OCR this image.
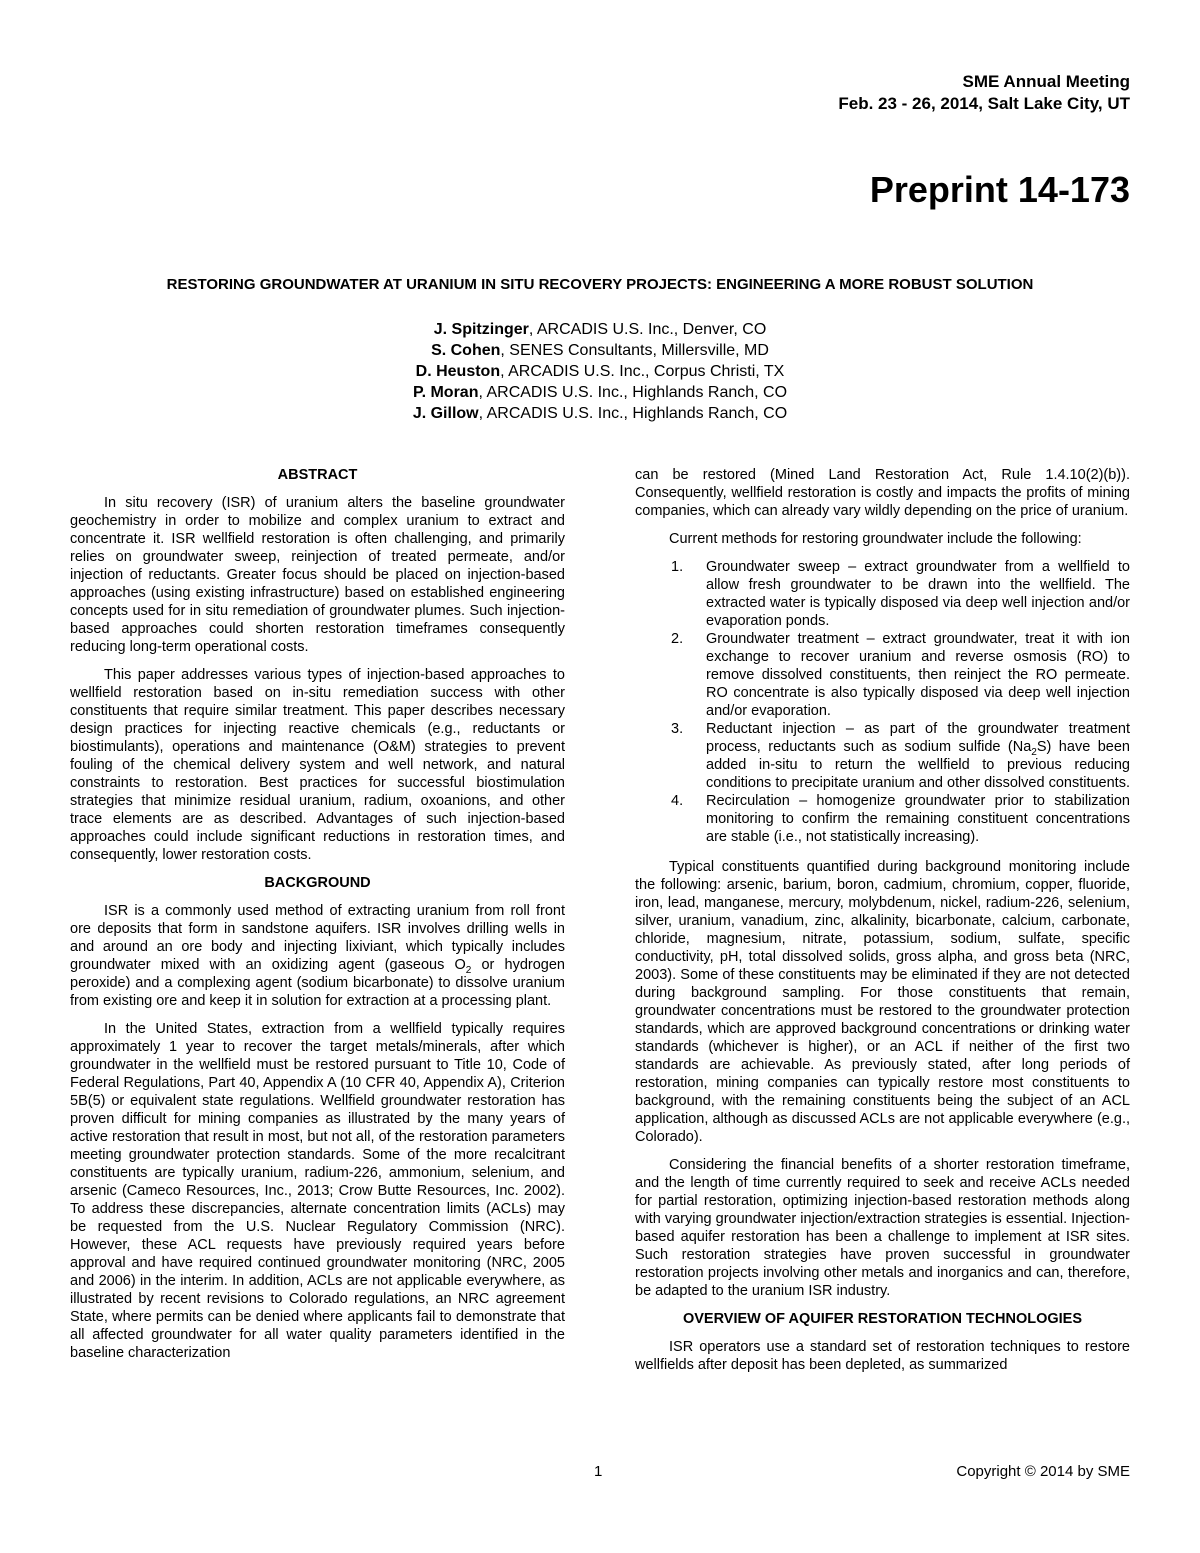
SME Annual Meeting
Feb. 23 - 26, 2014, Salt Lake City, UT
Preprint 14-173
RESTORING GROUNDWATER AT URANIUM IN SITU RECOVERY PROJECTS: ENGINEERING A MORE ROBUST SOLUTION
J. Spitzinger, ARCADIS U.S. Inc., Denver, CO
S. Cohen, SENES Consultants, Millersville, MD
D. Heuston, ARCADIS U.S. Inc., Corpus Christi, TX
P. Moran, ARCADIS U.S. Inc., Highlands Ranch, CO
J. Gillow, ARCADIS U.S. Inc., Highlands Ranch, CO
ABSTRACT

In situ recovery (ISR) of uranium alters the baseline groundwater geochemistry in order to mobilize and complex uranium to extract and concentrate it. ISR wellfield restoration is often challenging, and primarily relies on groundwater sweep, reinjection of treated permeate, and/or injection of reductants. Greater focus should be placed on injection-based approaches (using existing infrastructure) based on established engineering concepts used for in situ remediation of groundwater plumes. Such injection-based approaches could shorten restoration timeframes consequently reducing long-term operational costs.

This paper addresses various types of injection-based approaches to wellfield restoration based on in-situ remediation success with other constituents that require similar treatment. This paper describes necessary design practices for injecting reactive chemicals (e.g., reductants or biostimulants), operations and maintenance (O&M) strategies to prevent fouling of the chemical delivery system and well network, and natural constraints to restoration. Best practices for successful biostimulation strategies that minimize residual uranium, radium, oxoanions, and other trace elements are as described. Advantages of such injection-based approaches could include significant reductions in restoration times, and consequently, lower restoration costs.

BACKGROUND

ISR is a commonly used method of extracting uranium from roll front ore deposits that form in sandstone aquifers. ISR involves drilling wells in and around an ore body and injecting lixiviant, which typically includes groundwater mixed with an oxidizing agent (gaseous $O_2$ or hydrogen peroxide) and a complexing agent (sodium bicarbonate) to dissolve uranium from existing ore and keep it in solution for extraction at a processing plant.

In the United States, extraction from a wellfield typically requires approximately 1 year to recover the target metals/minerals, after which groundwater in the wellfield must be restored pursuant to Title 10, Code of Federal Regulations, Part 40, Appendix A (10 CFR 40, Appendix A), Criterion 5B(5) or equivalent state regulations. Wellfield groundwater restoration has proven difficult for mining companies as illustrated by the many years of active restoration that result in most, but not all, of the restoration parameters meeting groundwater protection standards. Some of the more recalcitrant constituents are typically uranium, radium-226, ammonium, selenium, and arsenic (Cameco Resources, Inc., 2013; Crow Butte Resources, Inc. 2002). To address these discrepancies, alternate concentration limits (ACLs) may be requested from the U.S. Nuclear Regulatory Commission (NRC). However, these ACL requests have previously required years before approval and have required continued groundwater monitoring (NRC, 2005 and 2006) in the interim. In addition, ACLs are not applicable everywhere, as illustrated by recent revisions to Colorado regulations, an NRC agreement State, where permits can be denied where applicants fail to demonstrate that all affected groundwater for all water quality parameters identified in the baseline characterization

can be restored (Mined Land Restoration Act, Rule 1.4.10(2)(b)). Consequently, wellfield restoration is costly and impacts the profits of mining companies, which can already vary wildly depending on the price of uranium.

Current methods for restoring groundwater include the following:

1. Groundwater sweep – extract groundwater from a wellfield to allow fresh groundwater to be drawn into the wellfield. The extracted water is typically disposed via deep well injection and/or evaporation ponds.
2. Groundwater treatment – extract groundwater, treat it with ion exchange to recover uranium and reverse osmosis (RO) to remove dissolved constituents, then reinject the RO permeate. RO concentrate is also typically disposed via deep well injection and/or evaporation.
3. Reductant injection – as part of the groundwater treatment process, reductants such as sodium sulfide $(Na_2S)$ have been added in-situ to return the wellfield to previous reducing conditions to precipitate uranium and other dissolved constituents.
4. Recirculation – homogenize groundwater prior to stabilization monitoring to confirm the remaining constituent concentrations are stable (i.e., not statistically increasing).

Typical constituents quantified during background monitoring include the following: arsenic, barium, boron, cadmium, chromium, copper, fluoride, iron, lead, manganese, mercury, molybdenum, nickel, radium-226, selenium, silver, uranium, vanadium, zinc, alkalinity, bicarbonate, calcium, carbonate, chloride, magnesium, nitrate, potassium, sodium, sulfate, specific conductivity, pH, total dissolved solids, gross alpha, and gross beta (NRC, 2003). Some of these constituents may be eliminated if they are not detected during background sampling. For those constituents that remain, groundwater concentrations must be restored to the groundwater protection standards, which are approved background concentrations or drinking water standards (whichever is higher), or an ACL if neither of the first two standards are achievable. As previously stated, after long periods of restoration, mining companies can typically restore most constituents to background, with the remaining constituents being the subject of an ACL application, although as discussed ACLs are not applicable everywhere (e.g., Colorado).

Considering the financial benefits of a shorter restoration timeframe, and the length of time currently required to seek and receive ACLs needed for partial restoration, optimizing injection-based restoration methods along with varying groundwater injection/extraction strategies is essential. Injection-based aquifer restoration has been a challenge to implement at ISR sites. Such restoration strategies have proven successful in groundwater restoration projects involving other metals and inorganics and can, therefore, be adapted to the uranium ISR industry.

OVERVIEW OF AQUIFER RESTORATION TECHNOLOGIES

ISR operators use a standard set of restoration techniques to restore wellfields after deposit has been depleted, as summarized

1	Copyright © 2014 by SME
